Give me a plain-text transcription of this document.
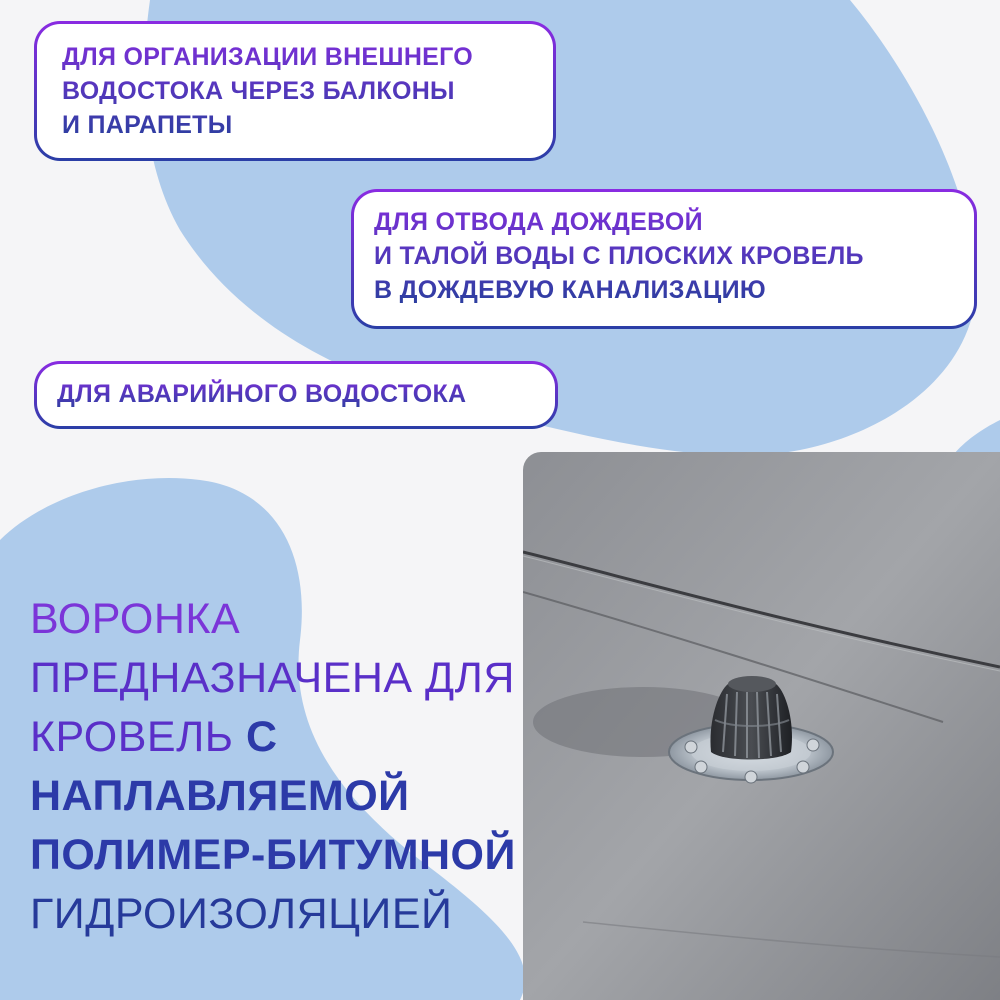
ДЛЯ ОРГАНИЗАЦИИ ВНЕШНЕГО
ВОДОСТОКА ЧЕРЕЗ БАЛКОНЫ
И ПАРАПЕТЫ
ДЛЯ ОТВОДА ДОЖДЕВОЙ
И ТАЛОЙ ВОДЫ С ПЛОСКИХ КРОВЕЛЬ
В ДОЖДЕВУЮ КАНАЛИЗАЦИЮ
ДЛЯ АВАРИЙНОГО ВОДОСТОКА
ВОРОНКА
ПРЕДНАЗНАЧЕНА ДЛЯ
КРОВЕЛЬ С
НАПЛАВЛЯЕМОЙ
ПОЛИМЕР-БИТУМНОЙ
ГИДРОИЗОЛЯЦИЕЙ
